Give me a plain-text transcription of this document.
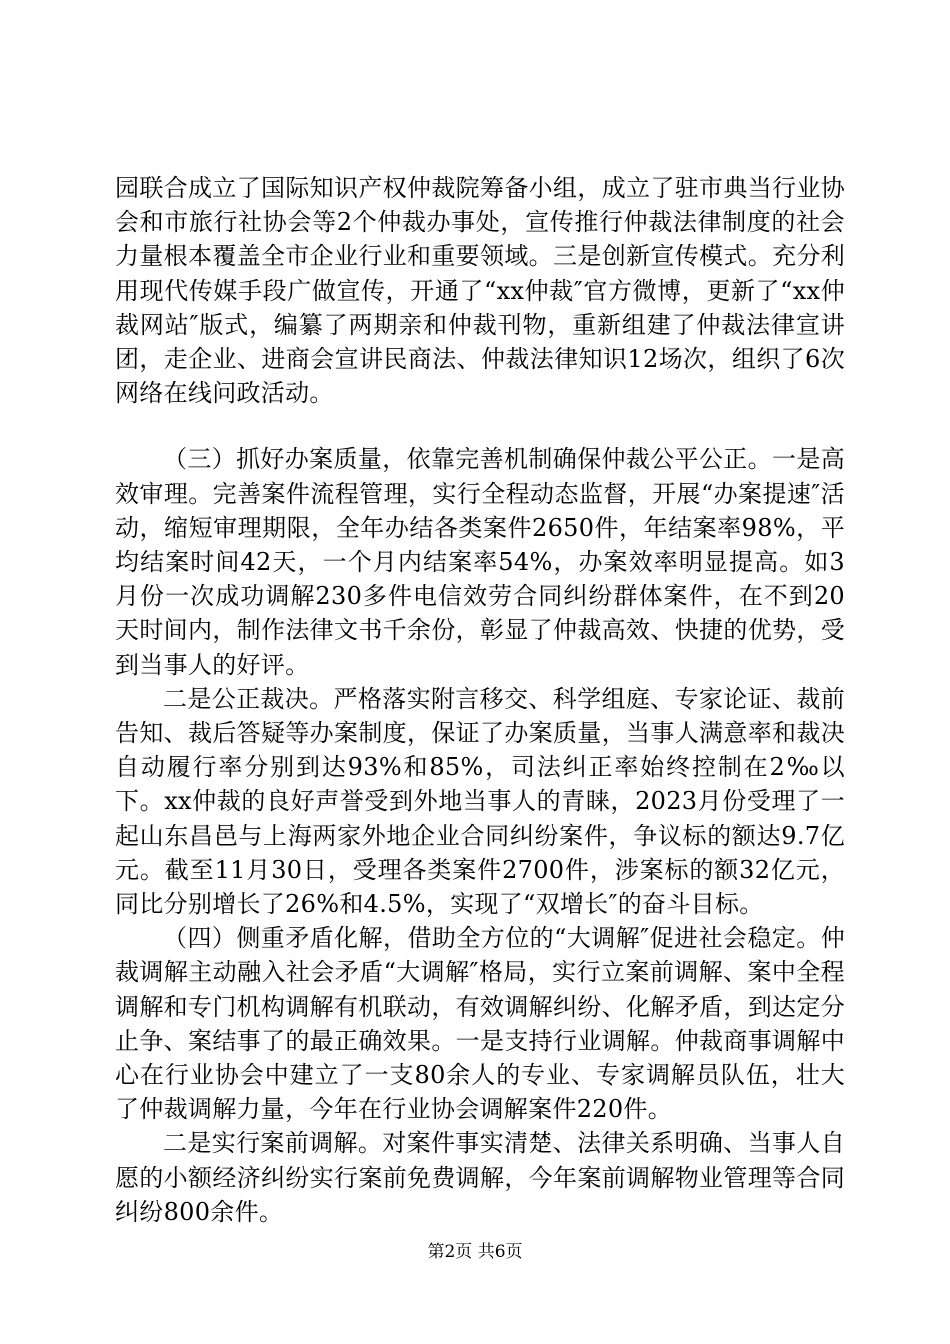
园联合成立了国际知识产权仲裁院筹备小组，成立了驻市典当行业协会和市旅行社协会等2个仲裁办事处，宣传推行仲裁法律制度的社会力量根本覆盖全市企业行业和重要领域。三是创新宣传模式。充分利用现代传媒手段广做宣传，开通了“xx仲裁″官方微博，更新了“xx仲裁网站″版式，编纂了两期亲和仲裁刊物，重新组建了仲裁法律宣讲团，走企业、进商会宣讲民商法、仲裁法律知识12场次，组织了6次网络在线问政活动。

（三）抓好办案质量，依靠完善机制确保仲裁公平公正。一是高效审理。完善案件流程管理，实行全程动态监督，开展“办案提速″活动，缩短审理期限，全年办结各类案件2650件，年结案率98%，平均结案时间42天，一个月内结案率54%，办案效率明显提高。如3月份一次成功调解230多件电信效劳合同纠纷群体案件，在不到20天时间内，制作法律文书千余份，彰显了仲裁高效、快捷的优势，受到当事人的好评。

二是公正裁决。严格落实附言移交、科学组庭、专家论证、裁前告知、裁后答疑等办案制度，保证了办案质量，当事人满意率和裁决自动履行率分别到达93%和85%，司法纠正率始终控制在2‰以下。xx仲裁的良好声誉受到外地当事人的青睐，2023月份受理了一起山东昌邑与上海两家外地企业合同纠纷案件，争议标的额达9.7亿元。截至11月30日，受理各类案件2700件，涉案标的额32亿元，同比分别增长了26%和4.5%，实现了“双增长″的奋斗目标。

（四）侧重矛盾化解，借助全方位的“大调解″促进社会稳定。仲裁调解主动融入社会矛盾“大调解″格局，实行立案前调解、案中全程调解和专门机构调解有机联动，有效调解纠纷、化解矛盾，到达定分止争、案结事了的最正确效果。一是支持行业调解。仲裁商事调解中心在行业协会中建立了一支80余人的专业、专家调解员队伍，壮大了仲裁调解力量，今年在行业协会调解案件220件。

二是实行案前调解。对案件事实清楚、法律关系明确、当事人自愿的小额经济纠纷实行案前免费调解，今年案前调解物业管理等合同纠纷800余件。

第2页 共6页
